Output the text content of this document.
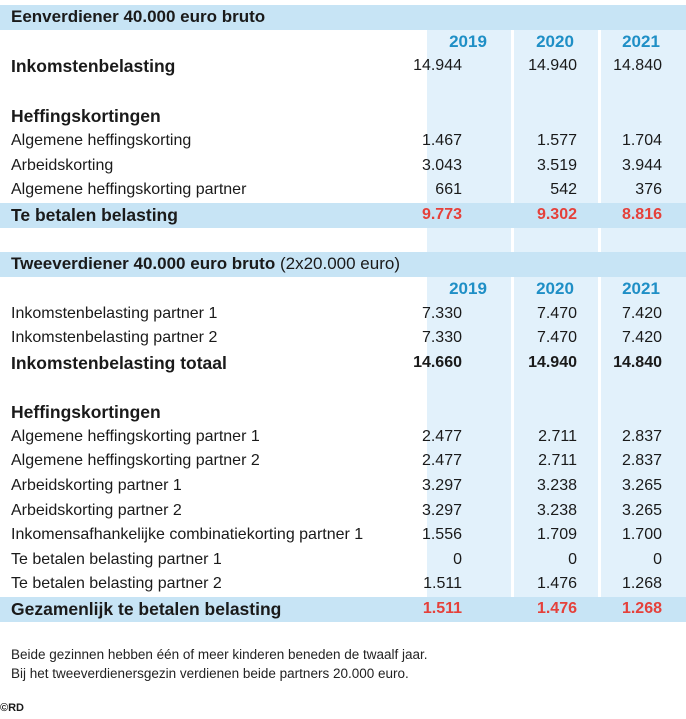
Eenverdiener 40.000 euro bruto
2019	2020	2021
Inkomstenbelasting	14.944	14.940 14.840
Heffingskortingen
Algemene heffingskorting	1.467	1.577	1.704
Arbeidskorting	3.043	3.519	3.944
Algemene heffingskorting partner	661	542	376
Te betalen belasting	9.773	9.302	8.816
Tweeverdiener 40.000 euro bruto (2x20.000 euro)
2019	2020	2021
Inkomstenbelasting partner 1	7.330	7.470	7.420
Inkomstenbelasting partner 2	7.330	7.470	7.420
Inkomstenbelasting totaal	14.660	14.940 14.840
Heffingskortingen
Algemene heffingskorting partner 1	2.477	2.711	2.837
Algemene heffingskorting partner 2	2.477	2.711	2.837
Arbeidskorting partner 1	3.297	3.238	3.265
Arbeidskorting partner 2	3.297	3.238	3.265
Inkomensafhankelijke combinatiekorting partner 1	1.556	1.709	1.700
Te betalen belasting partner 1	0	0	0
Te betalen belasting partner 2	1.511	1.476	1.268
Gezamenlijk te betalen belasting	1.511	1.476	1.268
Beide gezinnen hebben één of meer kinderen beneden de twaalf jaar.
Bij het tweeverdienersgezin verdienen beide partners 20.000 euro.
©RD
